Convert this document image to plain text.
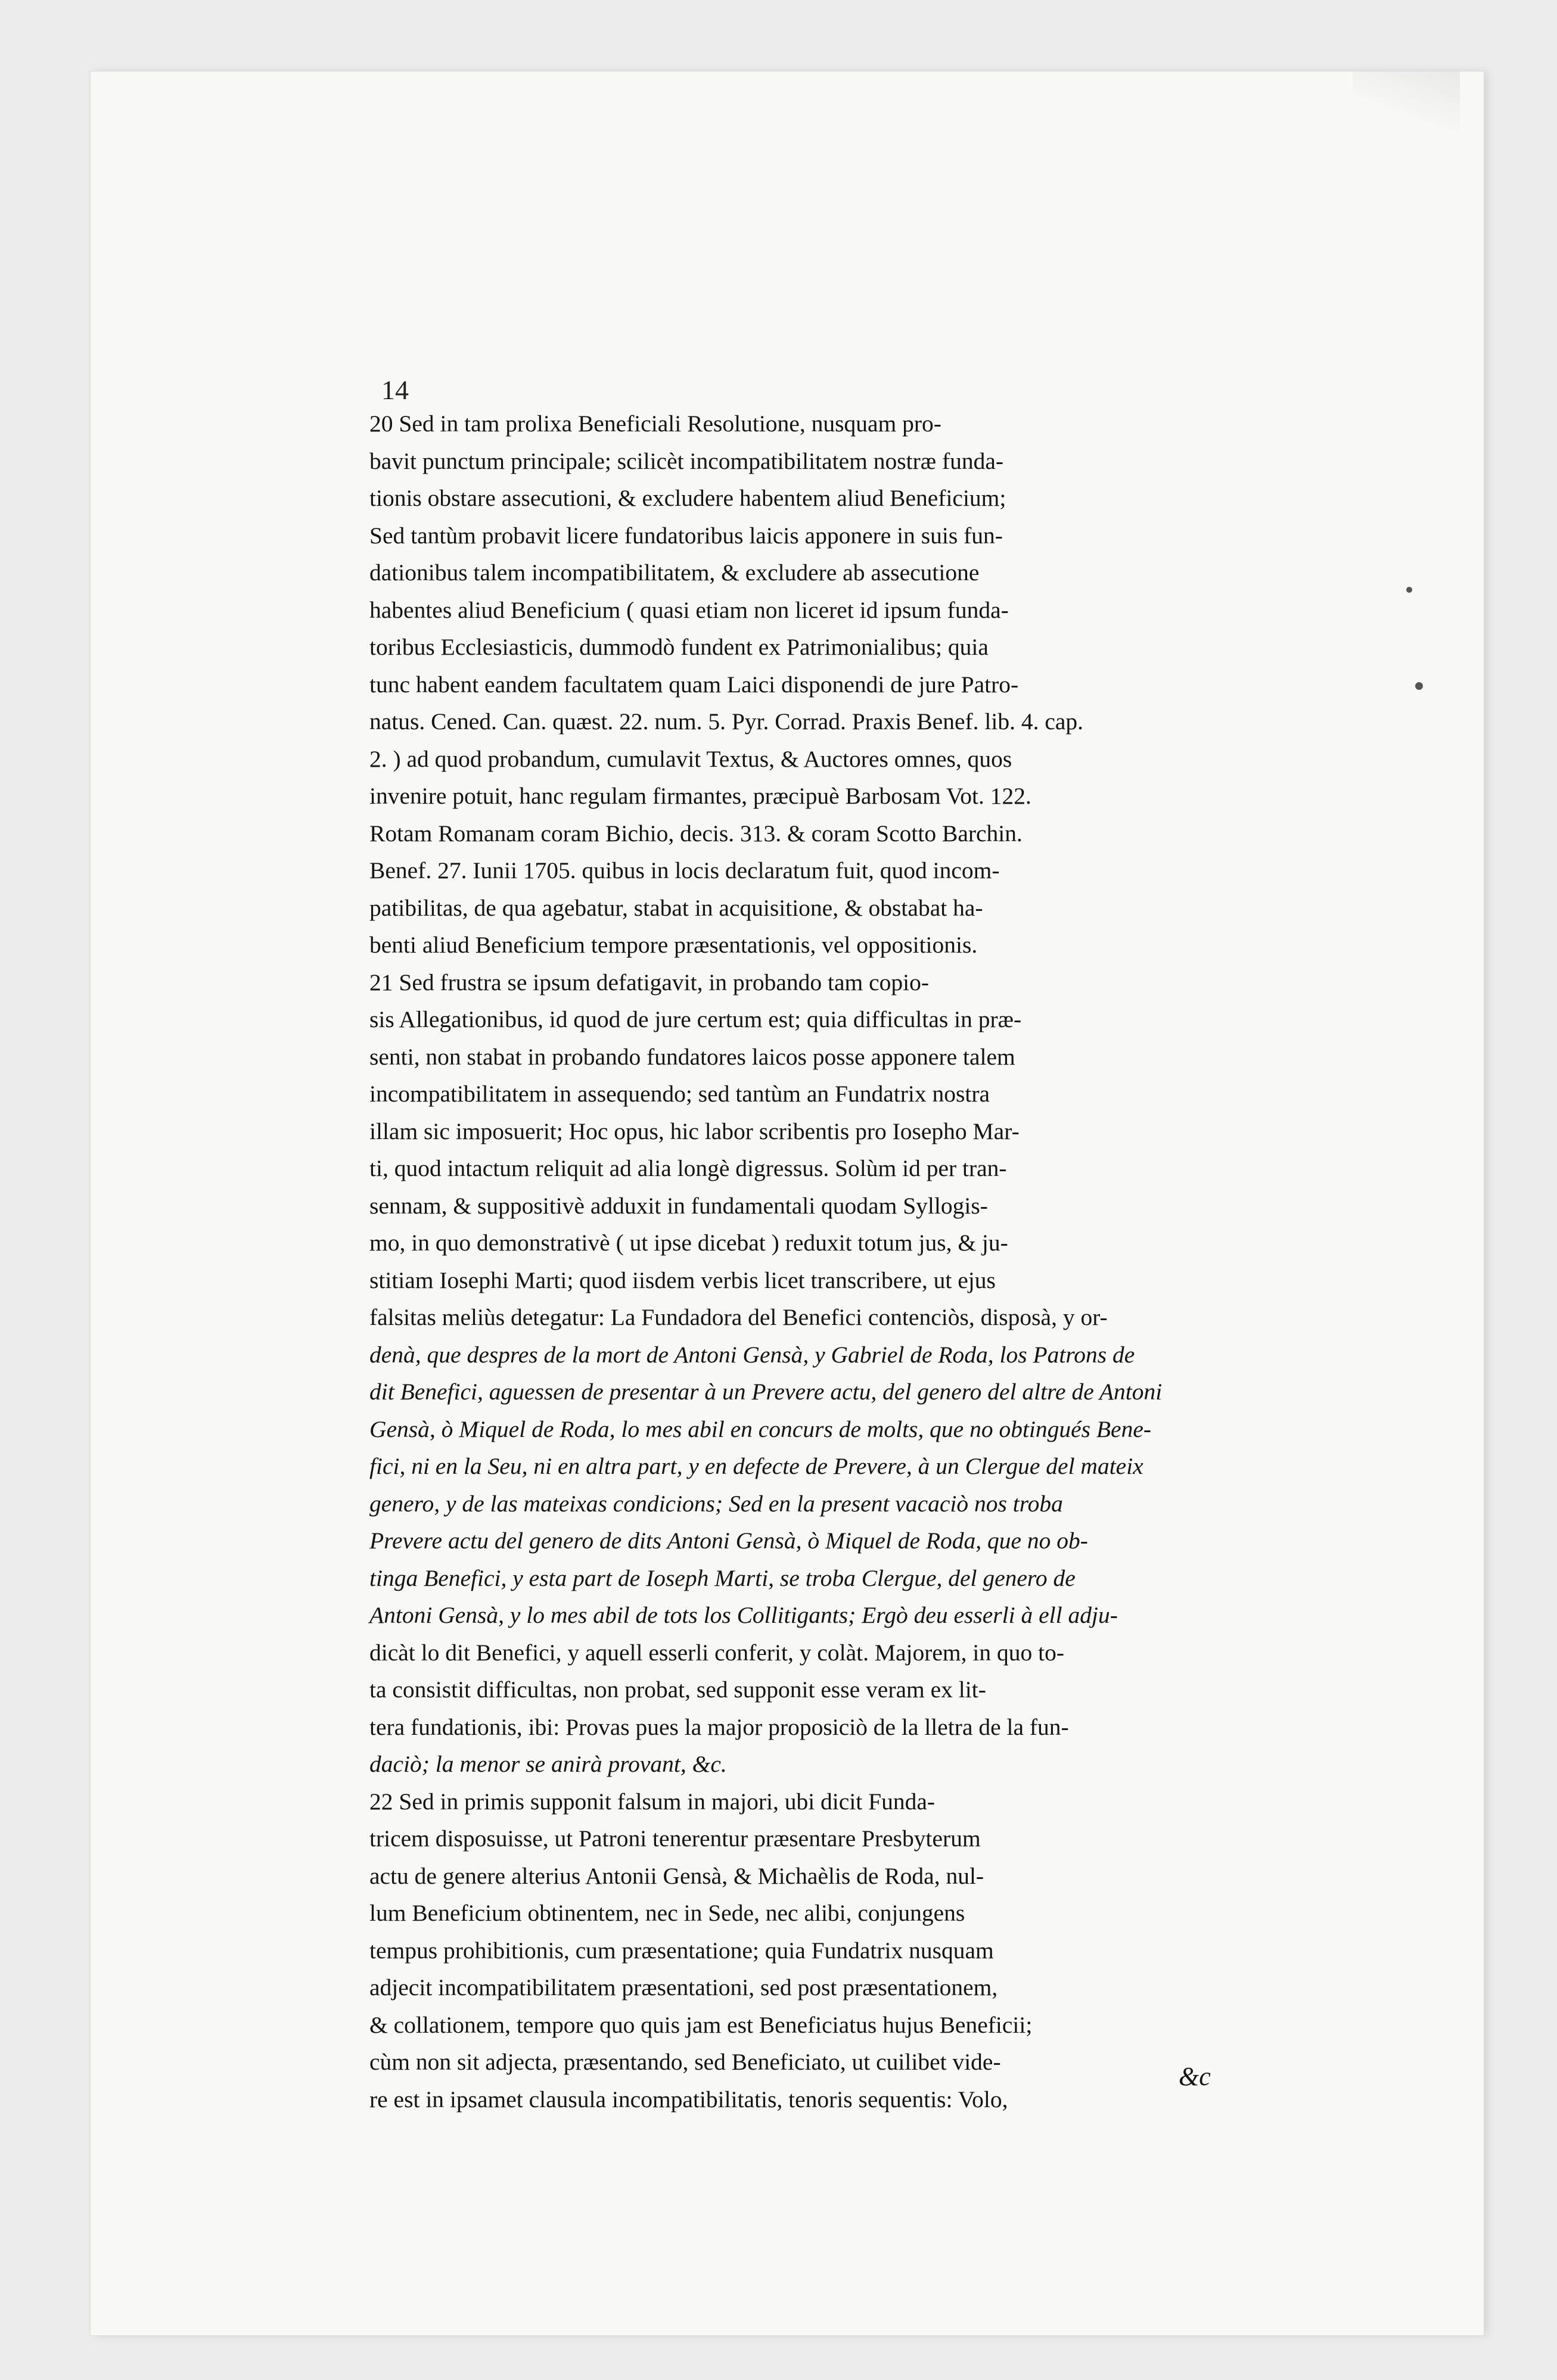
14
20 Sed in tam prolixa Beneficiali Resolutione, nusquam pro-
bavit punctum principale; scilicèt incompatibilitatem nostræ funda-
tionis obstare assecutioni, & excludere habentem aliud Beneficium;
Sed tantùm probavit licere fundatoribus laicis apponere in suis fun-
dationibus talem incompatibilitatem, & excludere ab assecutione
habentes aliud Beneficium ( quasi etiam non liceret id ipsum funda-
toribus Ecclesiasticis, dummodò fundent ex Patrimonialibus; quia
tunc habent eandem facultatem quam Laici disponendi de jure Patro-
natus. Cened. Can. quæst. 22. num. 5. Pyr. Corrad. Praxis Benef. lib. 4. cap.
2. ) ad quod probandum, cumulavit Textus, & Auctores omnes, quos
invenire potuit, hanc regulam firmantes, præcipuè Barbosam Vot. 122.
Rotam Romanam coram Bichio, decis. 313. & coram Scotto Barchin.
Benef. 27. Iunii 1705. quibus in locis declaratum fuit, quod incom-
patibilitas, de qua agebatur, stabat in acquisitione, & obstabat ha-
benti aliud Beneficium tempore præsentationis, vel oppositionis.
21 Sed frustra se ipsum defatigavit, in probando tam copio-
sis Allegationibus, id quod de jure certum est; quia difficultas in præ-
senti, non stabat in probando fundatores laicos posse apponere talem
incompatibilitatem in assequendo; sed tantùm an Fundatrix nostra
illam sic imposuerit; Hoc opus, hic labor scribentis pro Iosepho Mar-
ti, quod intactum reliquit ad alia longè digressus. Solùm id per tran-
sennam, & suppositivè adduxit in fundamentali quodam Syllogis-
mo, in quo demonstrativè ( ut ipse dicebat ) reduxit totum jus, & ju-
stitiam Iosephi Marti; quod iisdem verbis licet transcribere, ut ejus
falsitas meliùs detegatur: La Fundadora del Benefici contenciòs, disposà, y or-
denà, que despres de la mort de Antoni Gensà, y Gabriel de Roda, los Patrons de
dit Benefici, aguessen de presentar à un Prevere actu, del genero del altre de Antoni
Gensà, ò Miquel de Roda, lo mes abil en concurs de molts, que no obtingués Bene-
fici, ni en la Seu, ni en altra part, y en defecte de Prevere, à un Clergue del mateix
genero, y de las mateixas condicions; Sed en la present vacaciò nos troba
Prevere actu del genero de dits Antoni Gensà, ò Miquel de Roda, que no ob-
tinga Benefici, y esta part de Ioseph Marti, se troba Clergue, del genero de
Antoni Gensà, y lo mes abil de tots los Collitigants; Ergò deu esserli à ell adju-
dicàt lo dit Benefici, y aquell esserli conferit, y colàt. Majorem, in quo to-
ta consistit difficultas, non probat, sed supponit esse veram ex lit-
tera fundationis, ibi: Provas pues la major proposiciò de la lletra de la fun-
daciò; la menor se anirà provant, &c.
22 Sed in primis supponit falsum in majori, ubi dicit Funda-
tricem disposuisse, ut Patroni tenerentur præsentare Presbyterum
actu de genere alterius Antonii Gensà, & Michaèlis de Roda, nul-
lum Beneficium obtinentem, nec in Sede, nec alibi, conjungens
tempus prohibitionis, cum præsentatione; quia Fundatrix nusquam
adjecit incompatibilitatem præsentationi, sed post præsentationem,
& collationem, tempore quo quis jam est Beneficiatus hujus Beneficii;
cùm non sit adjecta, præsentando, sed Beneficiato, ut cuilibet vide-
re est in ipsamet clausula incompatibilitatis, tenoris sequentis: Volo,
&c
